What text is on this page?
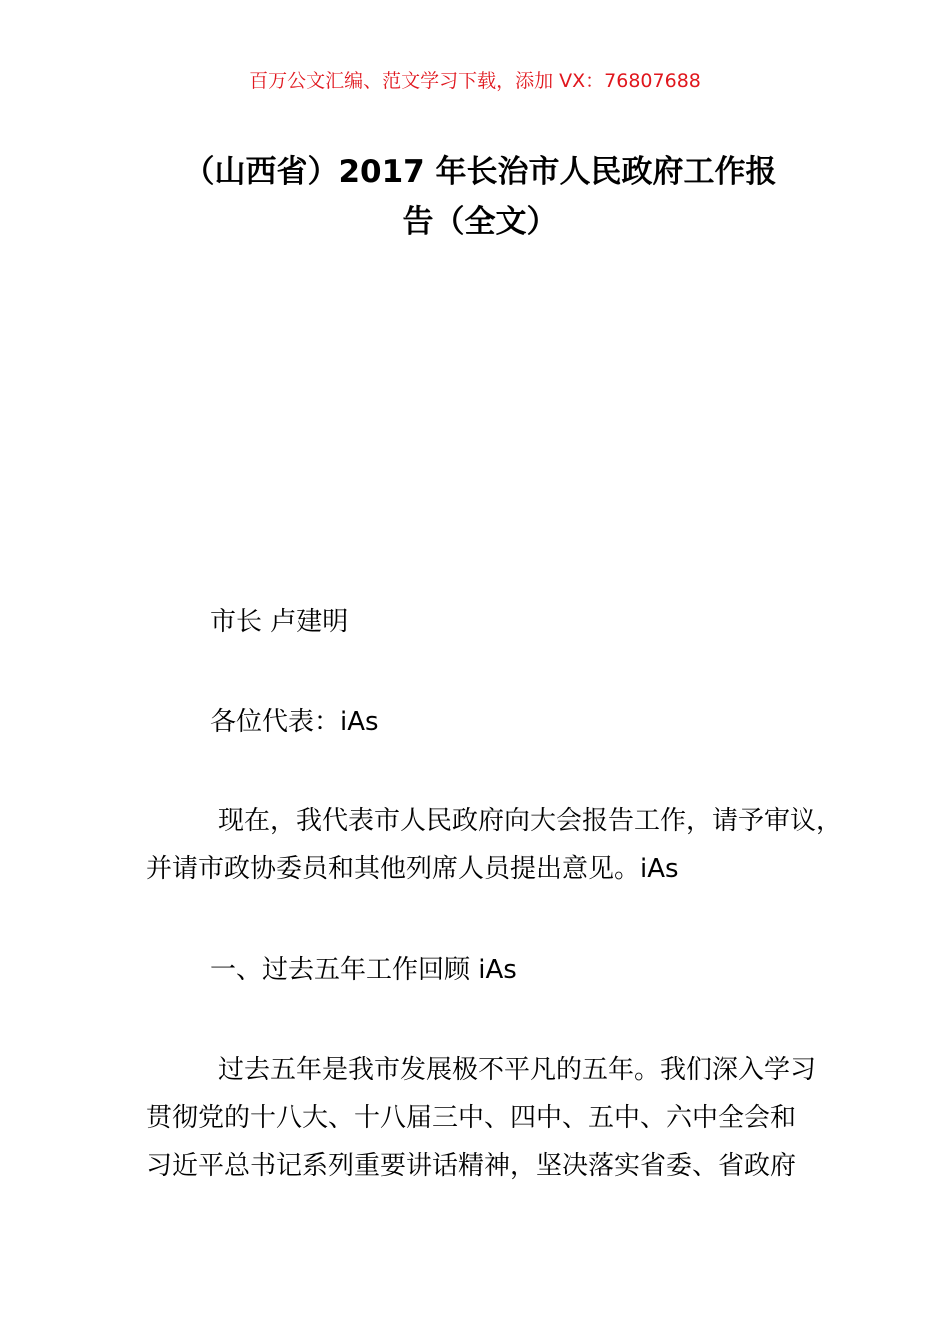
百万公文汇编、范文学习下载，添加 VX：76807688
（山西省）2017 年长治市人民政府工作报
告（全文）
市长 卢建明
各位代表：iAs
现在，我代表市人民政府向大会报告工作，请予审议，
并请市政协委员和其他列席人员提出意见。iAs
一、过去五年工作回顾 iAs
过去五年是我市发展极不平凡的五年。我们深入学习
贯彻党的十八大、十八届三中、四中、五中、六中全会和
习近平总书记系列重要讲话精神，坚决落实省委、省政府
